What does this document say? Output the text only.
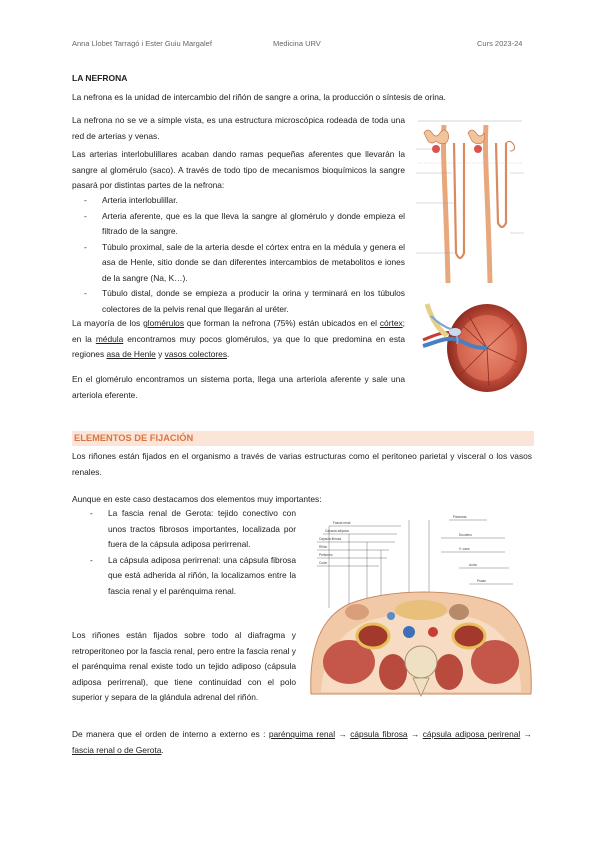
Anna Llobet Tarragó i Ester Guiu Margalef	Medicina URV	Curs 2023-24
LA NEFRONA
La nefrona es la unidad de intercambio del riñón de sangre a orina, la producción o síntesis de orina.
La nefrona no se ve a simple vista, es una estructura microscópica rodeada de toda una red de arterias y venas.
Las arterias interlobulillares acaban dando ramas pequeñas aferentes que llevarán la sangre al glomérulo (saco). A través de todo tipo de mecanismos bioquímicos la sangre pasará por distintas partes de la nefrona:
- Arteria interlobulillar.
- Arteria aferente, que es la que lleva la sangre al glomérulo y donde empieza el filtrado de la sangre.
- Túbulo proximal, sale de la arteria desde el córtex entra en la médula y genera el asa de Henle, sitio donde se dan diferentes intercambios de metabolitos e iones de la sangre (Na, K…).
- Túbulo distal, donde se empieza a producir la orina y terminará en los túbulos colectores de la pelvis renal que llegarán al uréter.
La mayoría de los glomérulos que forman la nefrona (75%) están ubicados en el córtex; en la médula encontramos muy pocos glomérulos, ya que lo que predomina en esta regiones asa de Henle y vasos colectores.
En el glomérulo encontramos un sistema porta, llega una arteriola aferente y sale una arteriola eferente.
ELEMENTOS DE FIJACIÓN
Los riñones están fijados en el organismo a través de varias estructuras como el peritoneo parietal y visceral o los vasos renales.
Aunque en este caso destacamos dos elementos muy importantes:
- La fascia renal de Gerota: tejido conectivo con unos tractos fibrosos importantes, localizada por fuera de la cápsula adiposa perirrenal.
- La cápsula adiposa perirrenal: una cápsula fibrosa que está adherida al riñón, la localizamos entre la fascia renal y el parénquima renal.
Los riñones están fijados sobre todo al diafragma y retroperitoneo por la fascia renal, pero entre la fascia renal y el parénquima renal existe todo un tejido adiposo (cápsula adiposa perirrenal), que tiene continuidad con el polo superior y separa de la glándula adrenal del riñón.
Fascia renal
Cápsula adiposa
Cápsula fibrosa
Riñón
Peritoneo
Colon
Páncreas
Duodeno
V. cava
Aorta
Psoas
De manera que el orden de interno a externo es : parénquima renal → cápsula fibrosa → cápsula adiposa perirenal → fascia renal o de Gerota.
